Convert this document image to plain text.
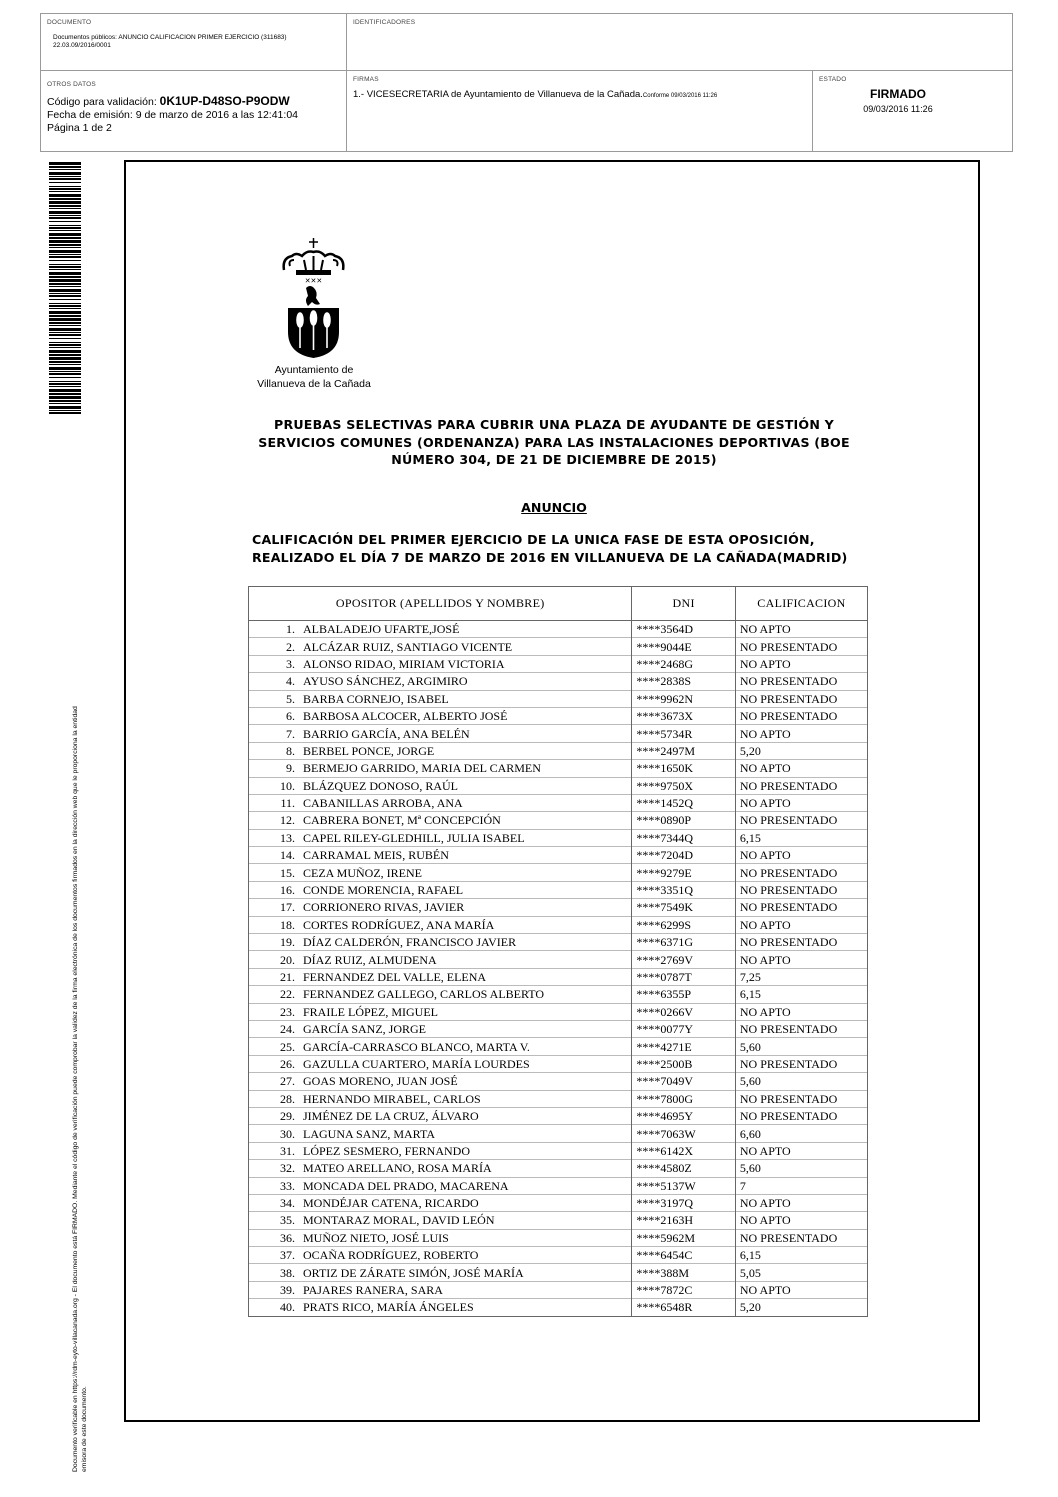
DOCUMENTO
Documentos públicos: ANUNCIO CALIFICACION PRIMER EJERCICIO (311683)
22.03.09/2016/0001
IDENTIFICADORES
OTROS DATOS
Código para validación: 0K1UP-D48SO-P9ODW
Fecha de emisión: 9 de marzo de 2016 a las 12:41:04
Página 1 de 2
FIRMAS
1.- VICESECRETARIA de Ayuntamiento de Villanueva de la Cañada.Conforme 09/03/2016 11:26
ESTADO
FIRMADO
09/03/2016 11:26
Documento verificable en https://rdm-eyto-villacanada.org - El documento está FIRMADO. Mediante el código de verificación puede comprobar la validez de la firma electrónica de los documentos firmados en la dirección web que le proporciona la entidad emisora de este documento.
✕✕✕
Ayuntamiento de
Villanueva de la Cañada
PRUEBAS SELECTIVAS PARA CUBRIR UNA PLAZA DE AYUDANTE DE GESTIÓN Y SERVICIOS COMUNES (ORDENANZA) PARA LAS INSTALACIONES DEPORTIVAS (BOE NÚMERO 304, DE 21 DE DICIEMBRE DE 2015)
ANUNCIO
CALIFICACIÓN DEL PRIMER EJERCICIO DE LA UNICA FASE DE ESTA OPOSICIÓN,
REALIZADO EL DÍA 7 DE MARZO DE 2016 EN VILLANUEVA DE LA CAÑADA(MADRID)
OPOSITOR (APELLIDOS Y NOMBRE)	DNI	CALIFICACION
1. ALBALADEJO UFARTE,JOSÉ	****3564D	NO APTO
2. ALCÁZAR RUIZ, SANTIAGO VICENTE	****9044E	NO PRESENTADO
3. ALONSO RIDAO, MIRIAM VICTORIA	****2468G	NO APTO
4. AYUSO SÁNCHEZ, ARGIMIRO	****2838S	NO PRESENTADO
5. BARBA CORNEJO, ISABEL	****9962N	NO PRESENTADO
6. BARBOSA ALCOCER, ALBERTO JOSÉ	****3673X	NO PRESENTADO
7. BARRIO GARCÍA, ANA BELÉN	****5734R	NO APTO
8. BERBEL PONCE, JORGE	****2497M	5,20
9. BERMEJO GARRIDO, MARIA DEL CARMEN	****1650K	NO APTO
10. BLÁZQUEZ DONOSO, RAÚL	****9750X	NO PRESENTADO
11. CABANILLAS ARROBA, ANA	****1452Q	NO APTO
12. CABRERA BONET, Mª CONCEPCIÓN	****0890P	NO PRESENTADO
13. CAPEL RILEY-GLEDHILL, JULIA ISABEL	****7344Q	6,15
14. CARRAMAL MEIS, RUBÉN	****7204D	NO APTO
15. CEZA MUÑOZ, IRENE	****9279E	NO PRESENTADO
16. CONDE MORENCIA, RAFAEL	****3351Q	NO PRESENTADO
17. CORRIONERO RIVAS, JAVIER	****7549K	NO PRESENTADO
18. CORTES RODRÍGUEZ, ANA MARÍA	****6299S	NO APTO
19. DÍAZ CALDERÓN, FRANCISCO JAVIER	****6371G	NO PRESENTADO
20. DÍAZ RUIZ, ALMUDENA	****2769V	NO APTO
21. FERNANDEZ DEL VALLE, ELENA	****0787T	7,25
22. FERNANDEZ GALLEGO, CARLOS ALBERTO	****6355P	6,15
23. FRAILE LÓPEZ, MIGUEL	****0266V	NO APTO
24. GARCÍA SANZ, JORGE	****0077Y	NO PRESENTADO
25. GARCÍA-CARRASCO BLANCO, MARTA V.	****4271E	5,60
26. GAZULLA CUARTERO, MARÍA LOURDES	****2500B	NO PRESENTADO
27. GOAS MORENO, JUAN JOSÉ	****7049V	5,60
28. HERNANDO MIRABEL, CARLOS	****7800G	NO PRESENTADO
29. JIMÉNEZ DE LA CRUZ, ÁLVARO	****4695Y	NO PRESENTADO
30. LAGUNA SANZ, MARTA	****7063W	6,60
31. LÓPEZ SESMERO, FERNANDO	****6142X	NO APTO
32. MATEO ARELLANO, ROSA MARÍA	****4580Z	5,60
33. MONCADA DEL PRADO, MACARENA	****5137W	7
34. MONDÉJAR CATENA, RICARDO	****3197Q	NO APTO
35. MONTARAZ MORAL, DAVID LEÓN	****2163H	NO APTO
36. MUÑOZ NIETO, JOSÉ LUIS	****5962M	NO PRESENTADO
37. OCAÑA RODRÍGUEZ, ROBERTO	****6454C	6,15
38. ORTIZ DE ZÁRATE SIMÓN, JOSÉ MARÍA	****388M	5,05
39. PAJARES RANERA, SARA	****7872C	NO APTO
40. PRATS RICO, MARÍA ÁNGELES	****6548R	5,20
